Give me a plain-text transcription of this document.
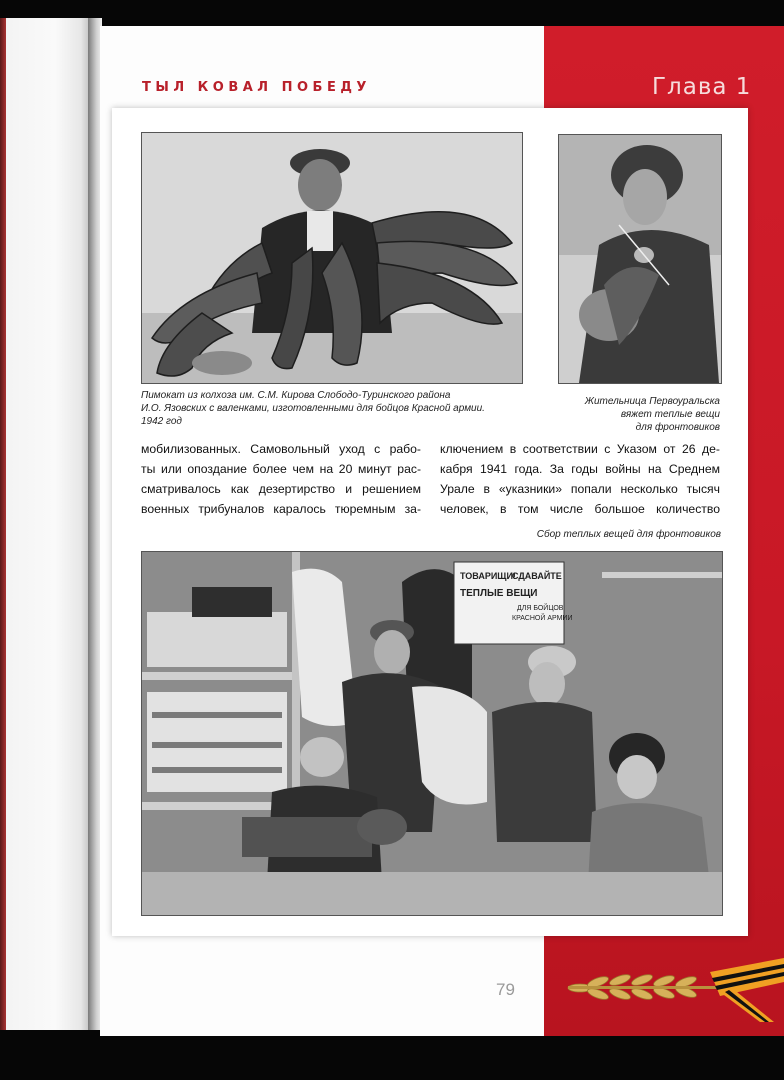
ТЫЛ КОВАЛ ПОБЕДУ	Глава 1
Пимокат из колхоза им. С.М. Кирова Слободо-Туринского района
И.О. Язовских с валенками, изготовленными для бойцов Красной армии.
1942 год
Жительница Первоуральска
вяжет теплые вещи
для фронтовиков
мобилизованных. Самовольный уход с рабо-
ты или опоздание более чем на 20 минут рас-
сматривалось как дезертирство и решением
военных трибуналов каралось тюремным за-
ключением в соответствии с Указом от 26 де-
кабря 1941 года. За годы войны на Среднем
Урале в «указники» попали несколько тысяч
человек, в том числе большое количество
Сбор теплых вещей для фронтовиков
ТОВАРИЩИ!
СДАВАЙТЕ
ТЕПЛЫЕ ВЕЩИ
ДЛЯ БОЙЦОВ
КРАСНОЙ АРМИИ
79
